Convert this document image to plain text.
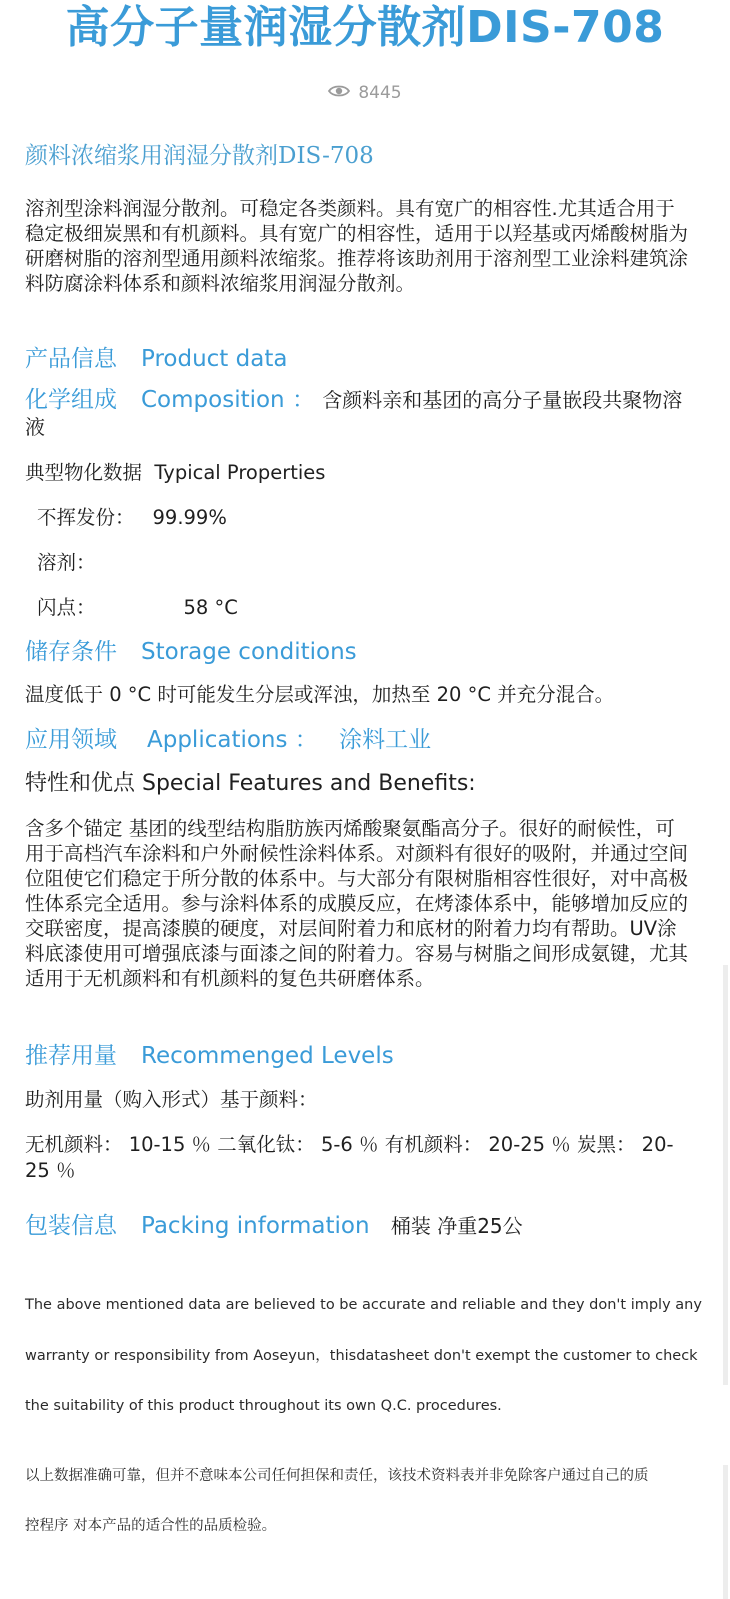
高分子量润湿分散剂DIS-708
8445
颜料浓缩浆用润湿分散剂DIS-708
溶剂型涂料润湿分散剂。可稳定各类颜料。具有宽广的相容性.尤其适合用于稳定极细炭黑和有机颜料。具有宽广的相容性，适用于以羟基或丙烯酸树脂为研磨树脂的溶剂型通用颜料浓缩浆。推荐将该助剂用于溶剂型工业涂料建筑涂料防腐涂料体系和颜料浓缩浆用润湿分散剂。
产品信息 Product data
化学组成 Composition ： 含颜料亲和基团的高分子量嵌段共聚物溶液
典型物化数据 Typical Properties
不挥发份： 99.99%
溶剂：
闪点：	58 °C
储存条件 Storage conditions
温度低于 0 °C 时可能发生分层或浑浊，加热至 20 °C 并充分混合。
应用领域 Applications ： 涂料工业
特性和优点 Special Features and Benefits:
含多个锚定 基团的线型结构脂肪族丙烯酸聚氨酯高分子。很好的耐候性，可用于高档汽车涂料和户外耐候性涂料体系。对颜料有很好的吸附，并通过空间位阻使它们稳定于所分散的体系中。与大部分有限树脂相容性很好，对中高极性体系完全适用。参与涂料体系的成膜反应，在烤漆体系中，能够增加反应的交联密度，提高漆膜的硬度，对层间附着力和底材的附着力均有帮助。UV涂料底漆使用可增强底漆与面漆之间的附着力。容易与树脂之间形成氨键，尤其适用于无机颜料和有机颜料的复色共研磨体系。
推荐用量 Recommenged Levels
助剂用量（购入形式）基于颜料：
无机颜料： 10-15 ％ 二氧化钛： 5-6 ％ 有机颜料： 20-25 ％ 炭黑： 20-25 ％
包装信息 Packing information 桶装 净重25公
The above mentioned data are believed to be accurate and reliable and they don't imply any
warranty or responsibility from Aoseyun，thisdatasheet don't exempt the customer to check
the suitability of this product throughout its own Q.C. procedures.
以上数据准确可靠，但并不意味本公司任何担保和责任，该技术资料表并非免除客户通过自己的质
控程序 对本产品的适合性的品质检验。
